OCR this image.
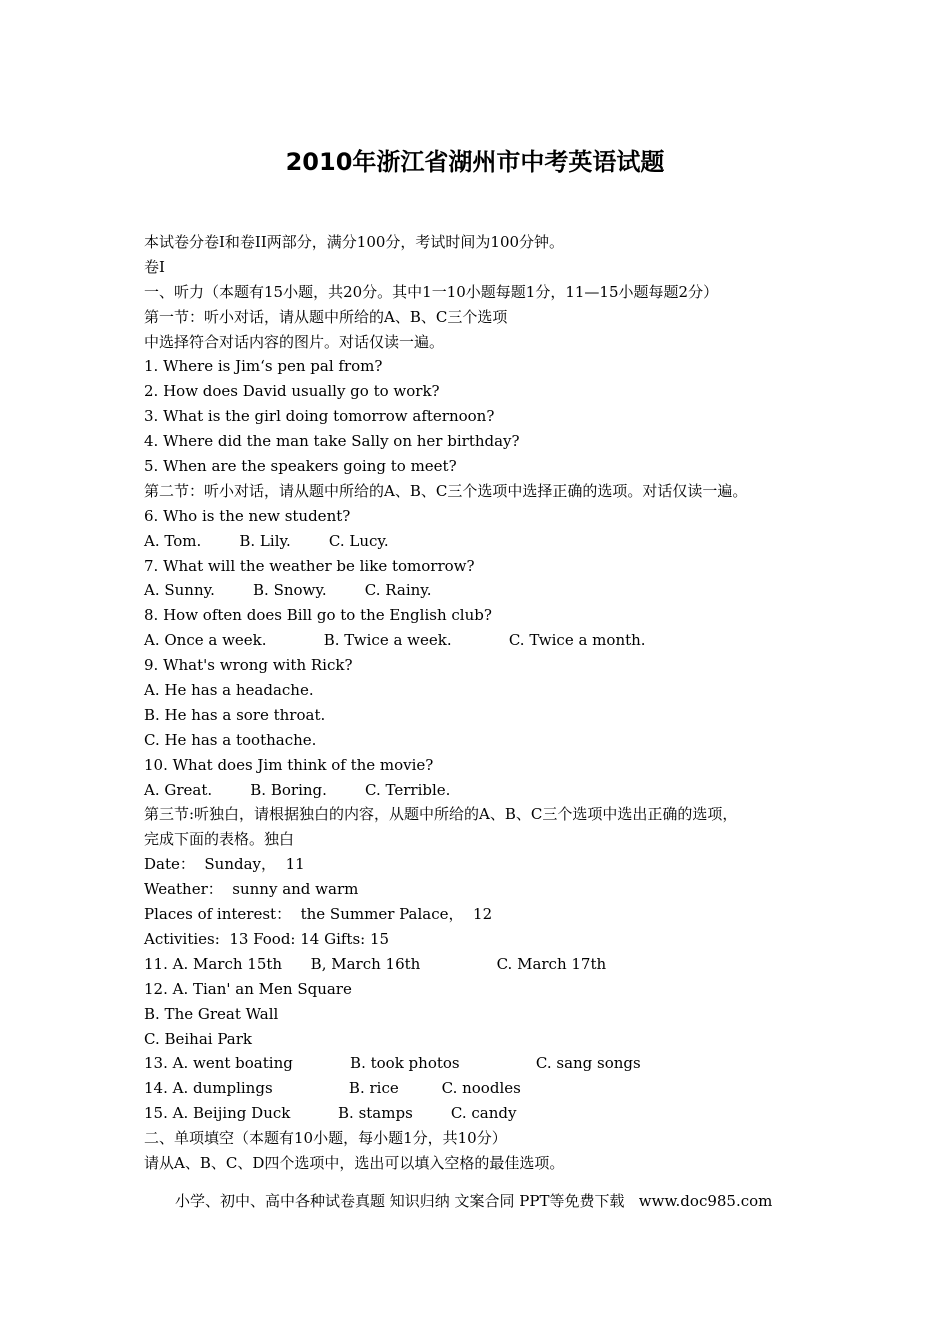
2010年浙江省湖州市中考英语试题
本试卷分卷I和卷II两部分，满分100分，考试时间为100分钟。
卷I
一、听力（本题有15小题，共20分。其中1一10小题每题1分，11—15小题每题2分）
第一节：听小对话，请从题中所给的A、B、C三个选项
中选择符合对话内容的图片。对话仅读一遍。
1. Where is Jim‘s pen pal from?
2. How does David usually go to work?
3. What is the girl doing tomorrow afternoon?
4. Where did the man take Sally on her birthday?
5. When are the speakers going to meet?
第二节：听小对话，请从题中所给的A、B、C三个选项中选择正确的选项。对话仅读一遍。
6. Who is the new student?
A. Tom.        B. Lily.        C. Lucy.
7. What will the weather be like tomorrow?
A. Sunny.        B. Snowy.        C. Rainy.
8. How often does Bill go to the English club?
A. Once a week.            B. Twice a week.            C. Twice a month.
9. What's wrong with Rick?
A. He has a headache.
B. He has a sore throat.
C. He has a toothache.
10. What does Jim think of the movie?
A. Great.        B. Boring.        C. Terrible.
第三节:听独白，请根据独白的内容，从题中所给的A、B、C三个选项中选出正确的选项，
完成下面的表格。独白
Date：  Sunday，  11
Weather：  sunny and warm
Places of interest：  the Summer Palace，  12
Activities:  13 Food: 14 Gifts: 15
11. A. March 15th      B, March 16th                C. March 17th
12. A. Tian' an Men Square
B. The Great Wall
C. Beihai Park
13. A. went boating            B. took photos                C. sang songs
14. A. dumplings                B. rice         C. noodles
15. A. Beijing Duck          B. stamps        C. candy
二、单项填空（本题有10小题，每小题1分，共10分）
请从A、B、C、D四个选项中，选出可以填入空格的最佳选项。
小学、初中、高中各种试卷真题 知识归纳 文案合同 PPT等免费下载   www.doc985.com
